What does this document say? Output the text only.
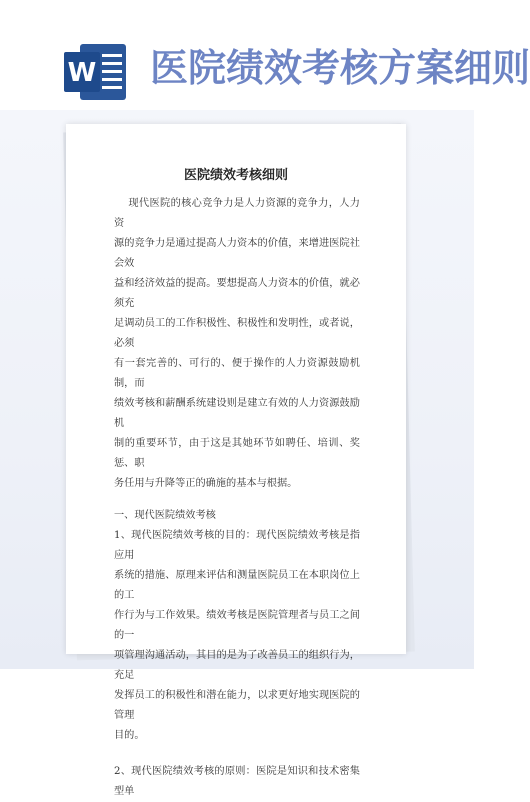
W 医院绩效考核方案细则
医院绩效考核细则

现代医院的核心竞争力是人力资源的竞争力，人力资

源的竞争力是通过提高人力资本的价值，来增进医院社会效

益和经济效益的提高。要想提高人力资本的价值，就必须充

足调动员工的工作积极性、积极性和发明性，或者说，必须

有一套完善的、可行的、便于操作的人力资源鼓励机制，而

绩效考核和薪酬系统建设则是建立有效的人力资源鼓励机

制的重要环节，由于这是其她环节如聘任、培训、奖惩、职

务任用与升降等正的确施的基本与根据。

一、现代医院绩效考核

1、现代医院绩效考核的目的：现代医院绩效考核是指应用

系统的措施、原理来评估和测量医院员工在本职岗位上的工

作行为与工作效果。绩效考核是医院管理者与员工之间的一

项管理沟通活动，其目的是为了改善员工的组织行为，充足

发挥员工的积极性和潜在能力，以求更好地实现医院的管理

目的。

2、现代医院绩效考核的原则：医院是知识和技术密集型单
